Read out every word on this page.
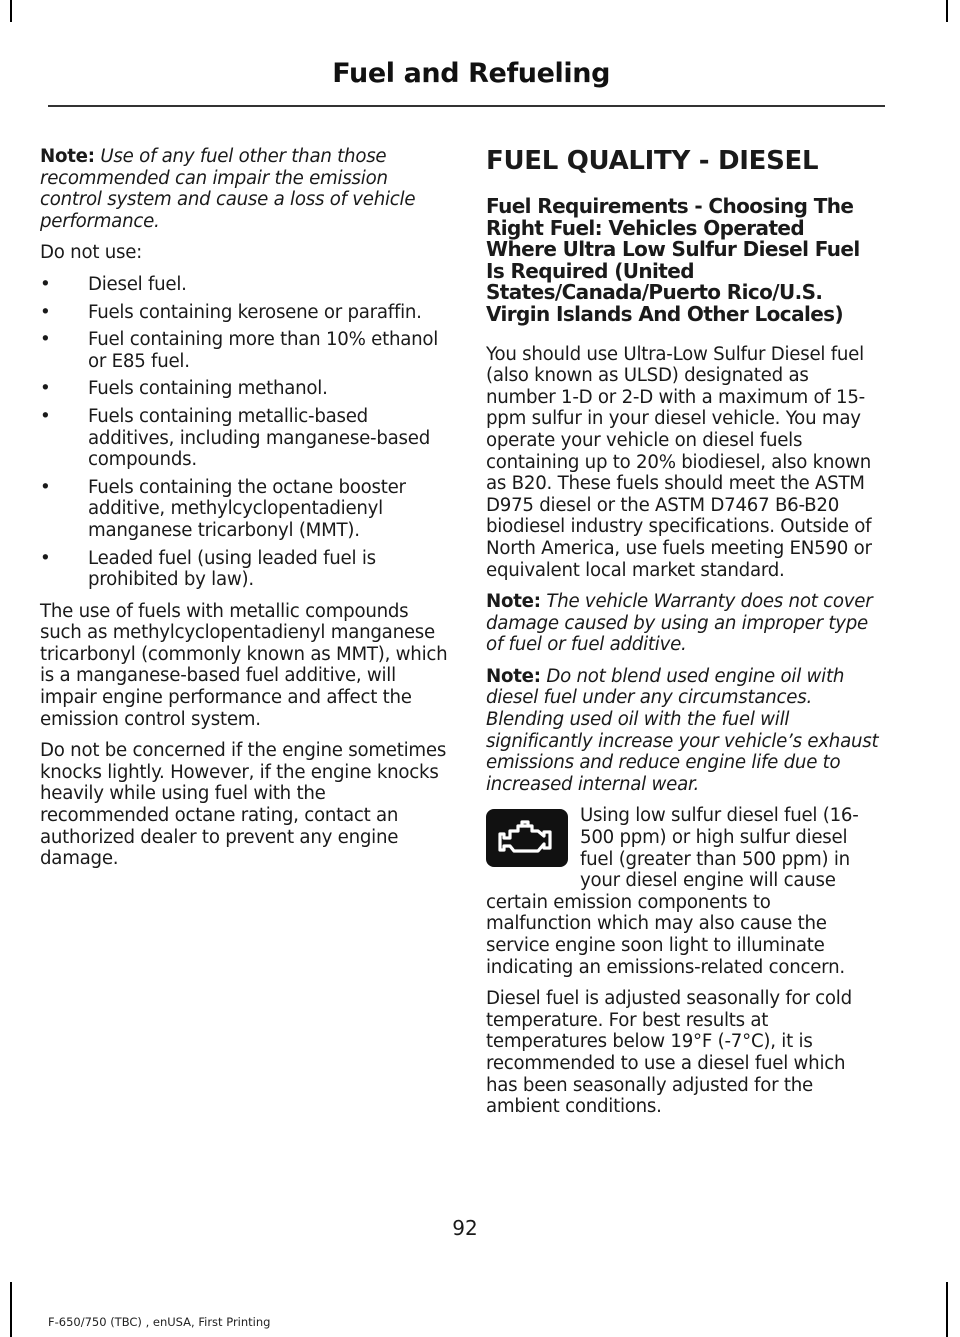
Fuel and Refueling

Note: Use of any fuel other than those recommended can impair the emission control system and cause a loss of vehicle performance.

Do not use:

• Diesel fuel.
• Fuels containing kerosene or paraffin.
• Fuel containing more than 10% ethanol or E85 fuel.
• Fuels containing methanol.
• Fuels containing metallic-based additives, including manganese-based compounds.
• Fuels containing the octane booster additive, methylcyclopentadienyl manganese tricarbonyl (MMT).
• Leaded fuel (using leaded fuel is prohibited by law).

The use of fuels with metallic compounds such as methylcyclopentadienyl manganese tricarbonyl (commonly known as MMT), which is a manganese-based fuel additive, will impair engine performance and affect the emission control system.

Do not be concerned if the engine sometimes knocks lightly. However, if the engine knocks heavily while using fuel with the recommended octane rating, contact an authorized dealer to prevent any engine damage.

FUEL QUALITY - DIESEL
Fuel Requirements - Choosing The Right Fuel: Vehicles Operated Where Ultra Low Sulfur Diesel Fuel Is Required (United States/Canada/Puerto Rico/U.S. Virgin Islands And Other Locales)

You should use Ultra-Low Sulfur Diesel fuel (also known as ULSD) designated as number 1-D or 2-D with a maximum of 15-ppm sulfur in your diesel vehicle. You may operate your vehicle on diesel fuels containing up to 20% biodiesel, also known as B20. These fuels should meet the ASTM D975 diesel or the ASTM D7467 B6-B20 biodiesel industry specifications. Outside of North America, use fuels meeting EN590 or equivalent local market standard.

Note: The vehicle Warranty does not cover damage caused by using an improper type of fuel or fuel additive.

Note: Do not blend used engine oil with diesel fuel under any circumstances. Blending used oil with the fuel will significantly increase your vehicle’s exhaust emissions and reduce engine life due to increased internal wear.

Using low sulfur diesel fuel (16-500 ppm) or high sulfur diesel fuel (greater than 500 ppm) in your diesel engine will cause certain emission components to malfunction which may also cause the service engine soon light to illuminate indicating an emissions-related concern.

Diesel fuel is adjusted seasonally for cold temperature. For best results at temperatures below 19°F (-7°C), it is recommended to use a diesel fuel which has been seasonally adjusted for the ambient conditions.

92
F-650/750 (TBC) , enUSA, First Printing
